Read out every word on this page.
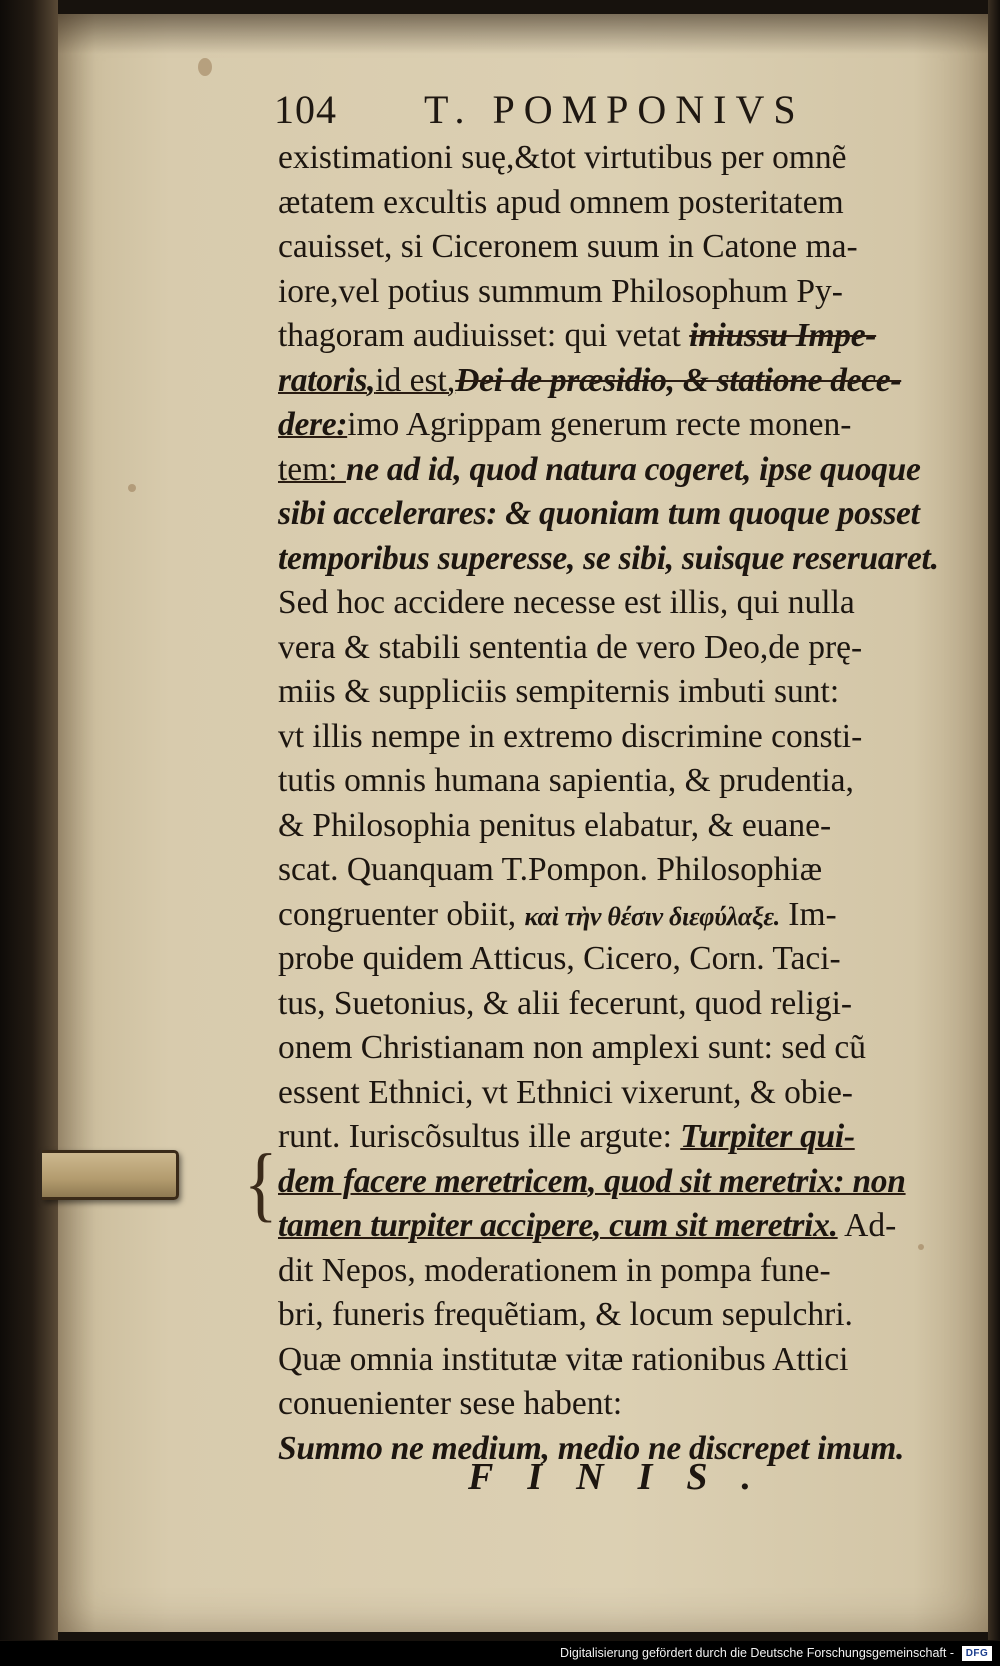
{
104 T. POMPONIVS
existimationi suę,&tot virtutibus per omnẽ
ætatem excultis apud omnem posteritatem
cauisset, si Ciceronem suum in Catone ma-
iore,vel potius summum Philosophum Py-
thagoram audiuisset: qui vetat iniussu Impe-
ratoris,id est,Dei de præsidio, & statione dece-
dere:imo Agrippam generum recte monen-
tem: ne ad id, quod natura cogeret, ipse quoque
sibi accelerares: & quoniam tum quoque posset
temporibus superesse, se sibi, suisque reseruaret.
Sed hoc accidere necesse est illis, qui nulla
vera & stabili sententia de vero Deo,de prę-
miis & suppliciis sempiternis imbuti sunt:
vt illis nempe in extremo discrimine consti-
tutis omnis humana sapientia, & prudentia,
& Philosophia penitus elabatur, & euane-
scat. Quanquam T.Pompon. Philosophiæ
congruenter obiit, καὶ τὴν θέσιν διεφύλαξε. Im-
probe quidem Atticus, Cicero, Corn. Taci-
tus, Suetonius, & alii fecerunt, quod religi-
onem Christianam non amplexi sunt: sed cũ
essent Ethnici, vt Ethnici vixerunt, & obie-
runt. Iuriscõsultus ille argute: Turpiter qui-
dem facere meretricem, quod sit meretrix: non
tamen turpiter accipere, cum sit meretrix. Ad-
dit Nepos, moderationem in pompa fune-
bri, funeris frequẽtiam, & locum sepulchri.
Quæ omnia institutæ vitæ rationibus Attici
conuenienter sese habent:
Summo ne medium, medio ne discrepet imum.
FINIS.
Digitalisierung gefördert durch die Deutsche Forschungsgemeinschaft -	DFG
